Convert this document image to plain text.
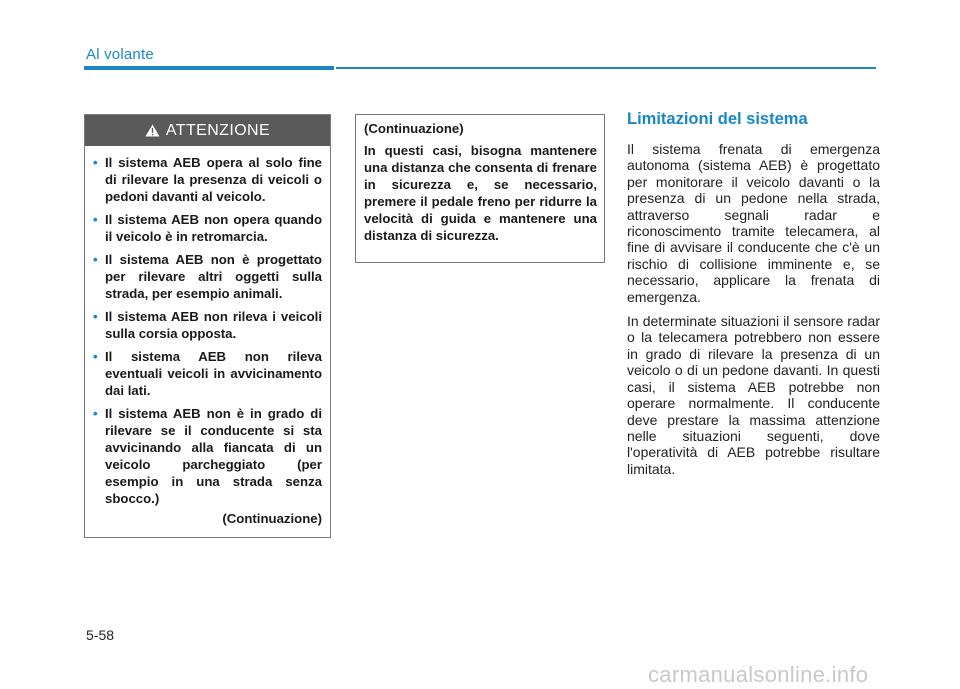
Al volante
ATTENZIONE
• Il sistema AEB opera al solo fine di rilevare la presenza di veicoli o pedoni davanti al veicolo.
• Il sistema AEB non opera quando il veicolo è in retromarcia.
• Il sistema AEB non è progettato per rilevare altri oggetti sulla strada, per esempio animali.
• Il sistema AEB non rileva i veicoli sulla corsia opposta.
• Il sistema AEB non rileva eventuali veicoli in avvicinamento dai lati.
• Il sistema AEB non è in grado di rilevare se il conducente si sta avvicinando alla fiancata di un veicolo parcheggiato (per esempio in una strada senza sbocco.)
(Continuazione)
(Continuazione)
In questi casi, bisogna mantenere una distanza che consenta di frenare in sicurezza e, se necessario, premere il pedale freno per ridurre la velocità di guida e mantenere una distanza di sicurezza.
Limitazioni del sistema

Il sistema frenata di emergenza autonoma (sistema AEB) è progettato per monitorare il veicolo davanti o la presenza di un pedone nella strada, attraverso segnali radar e riconoscimento tramite telecamera, al fine di avvisare il conducente che c'è un rischio di collisione imminente e, se necessario, applicare la frenata di emergenza.

In determinate situazioni il sensore radar o la telecamera potrebbero non essere in grado di rilevare la presenza di un veicolo o di un pedone davanti. In questi casi, il sistema AEB potrebbe non operare normalmente. Il conducente deve prestare la massima attenzione nelle situazioni seguenti, dove l'operatività di AEB potrebbe risultare limitata.

5-58
carmanualsonline.info
